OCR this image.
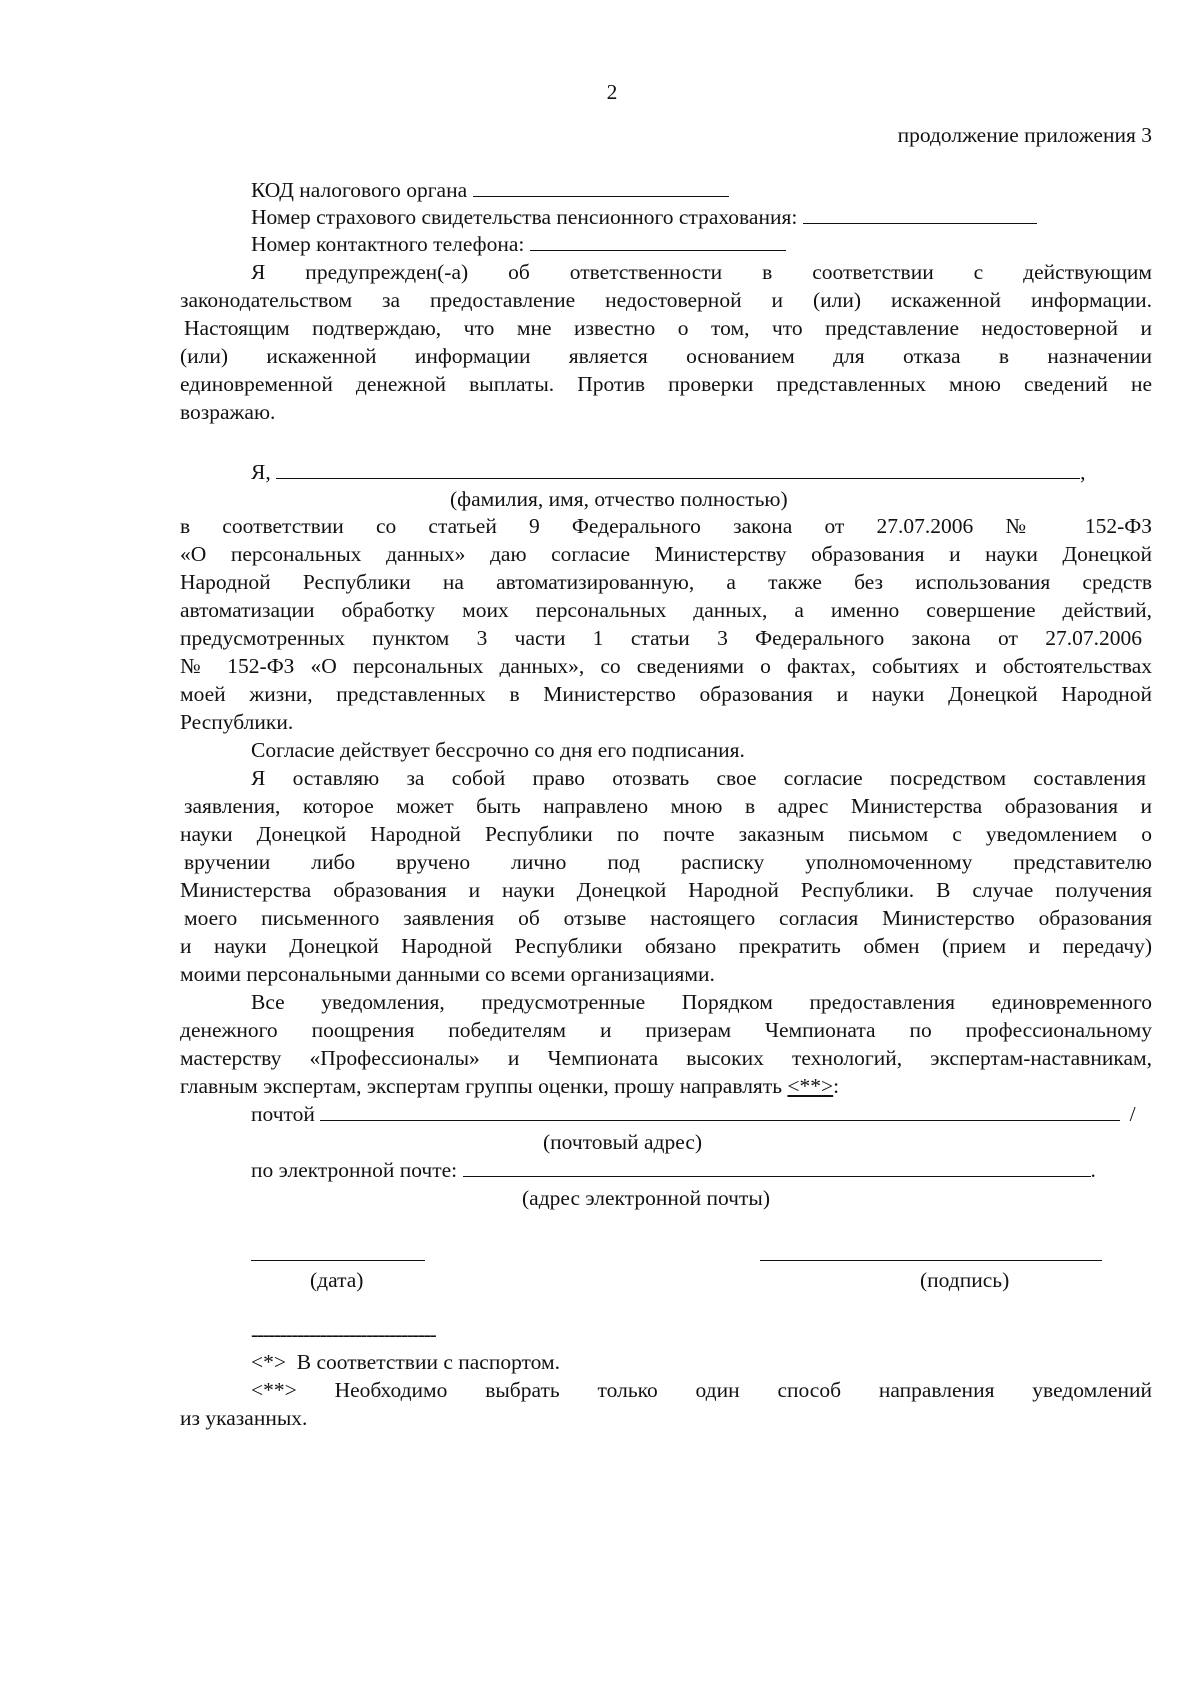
2
продолжение приложения 3
КОД налогового органа
Номер страхового свидетельства пенсионного страхования:
Номер контактного телефона:
Я предупрежден(-а) об ответственности в соответствии с действующим
законодательством за предоставление недостоверной и (или) искаженной информации.
Настоящим подтверждаю, что мне известно о том, что представление недостоверной и
(или) искаженной информации является основанием для отказа в назначении
единовременной денежной выплаты. Против проверки представленных мною сведений не
возражаю.
Я,	,
(фамилия, имя, отчество полностью)
в соответствии со статьей 9 Федерального закона от 27.07.2006 № 152-ФЗ
«О персональных данных» даю согласие Министерству образования и науки Донецкой
Народной Республики на автоматизированную, а также без использования средств
автоматизации обработку моих персональных данных, а именно совершение действий,
предусмотренных пунктом 3 части 1 статьи 3 Федерального закона от 27.07.2006
№ 152-ФЗ «О персональных данных», со сведениями о фактах, событиях и обстоятельствах
моей жизни, представленных в Министерство образования и науки Донецкой Народной
Республики.
Согласие действует бессрочно со дня его подписания.
Я оставляю за собой право отозвать свое согласие посредством составления
заявления, которое может быть направлено мною в адрес Министерства образования и
науки Донецкой Народной Республики по почте заказным письмом с уведомлением о
вручении либо вручено лично под расписку уполномоченному представителю
Министерства образования и науки Донецкой Народной Республики. В случае получения
моего письменного заявления об отзыве настоящего согласия Министерство образования
и науки Донецкой Народной Республики обязано прекратить обмен (прием и передачу)
моими персональными данными со всеми организациями.
Все уведомления, предусмотренные Порядком предоставления единовременного
денежного поощрения победителям и призерам Чемпионата по профессиональному
мастерству «Профессионалы» и Чемпионата высоких технологий, экспертам-наставникам,
главным экспертам, экспертам группы оценки, прошу направлять <**>:
почтой	/
(почтовый адрес)
по электронной почте:	.
(адрес электронной почты)
(дата)	(подпись)
--------------------------------
<*>  В соответствии с паспортом.
<**> Необходимо выбрать только один способ направления уведомлений
из указанных.
